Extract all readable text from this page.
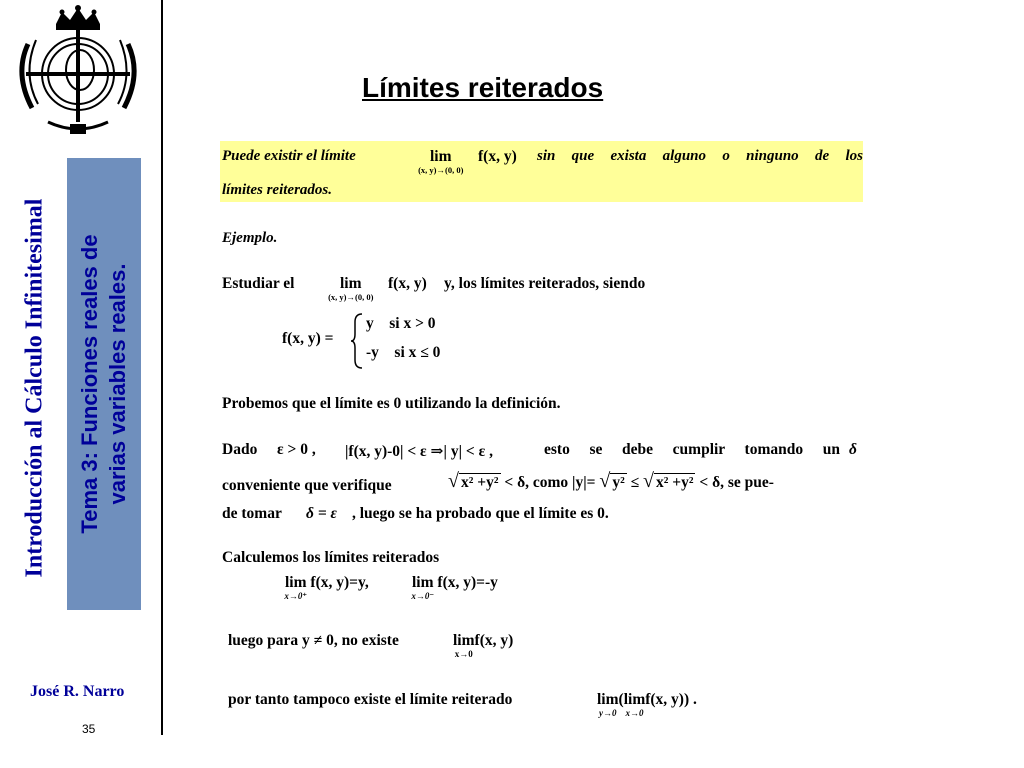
Introducción al Cálculo Infinitesimal Tema 3: Funciones reales de varias variables reales.
José R. Narro
35
Límites reiterados
Puede existir el límite	lim
(x, y)→(0, 0)
f(x, y) sin que exista alguno o ninguno de los
límites reiterados.
Ejemplo.
Estudiar el	lim
(x, y)→(0, 0)
f(x, y) y, los límites reiterados, siendo
f(x, y) =
y    si x > 0
-y    si x ≤ 0
Probemos que el límite es 0 utilizando la definición.
Dado ε > 0 , |f(x, y)-0| < ε ⇒| y| < ε ,	esto se debe cumplir tomando un δ
conveniente que verifique	√ x² +y² < δ, como |y|= √ y² ≤ √ x² +y² < δ, se pue-
de tomar δ = ε , luego se ha probado que el límite es 0.
Calculemos los límites reiterados
lim
x→0⁺
f(x, y)=y,	lim
x→0⁻
f(x, y)=-y
luego para y ≠ 0, no existe	lim
x→0
f(x, y)
por tanto tampoco existe el límite reiterado	lim
y→0
(lim
x→0
f(x, y)) .
